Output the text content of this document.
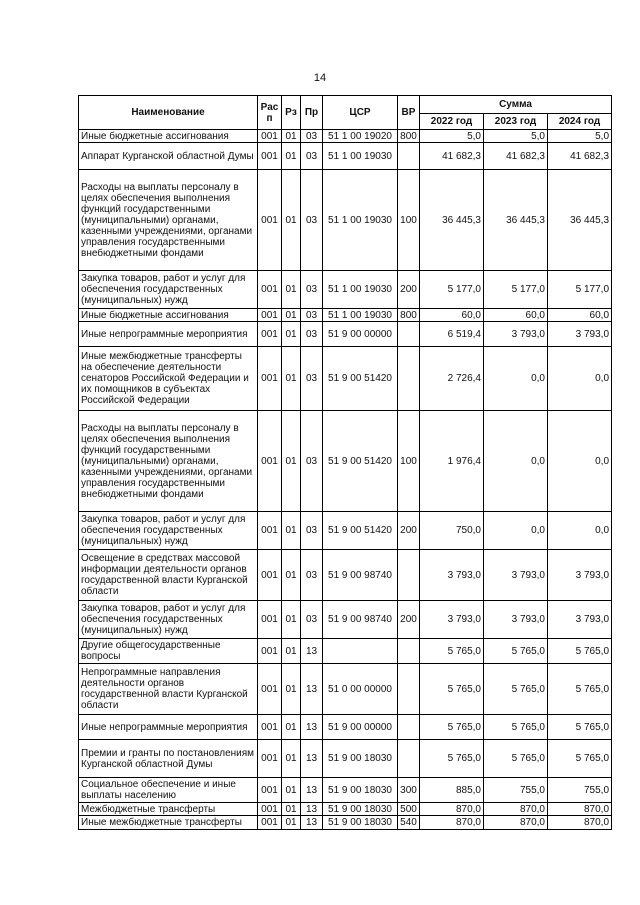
14
Наименование	Рас п	Рз	Пр	ЦСР	ВР	Сумма		
						2022 год	2023 год	2024 год
Иные бюджетные ассигнования	001	01	03	51 1 00 19020	800	5,0	5,0	5,0
Аппарат Курганской областной Думы	001	01	03	51 1 00 19030		41 682,3	41 682,3	41 682,3
Расходы на выплаты персоналу в целях обеспечения выполнения функций государственными (муниципальными) органами, казенными учреждениями, органами управления государственными внебюджетными фондами	001	01	03	51 1 00 19030	100	36 445,3	36 445,3	36 445,3
Закупка товаров, работ и услуг для обеспечения государственных (муниципальных) нужд	001	01	03	51 1 00 19030	200	5 177,0	5 177,0	5 177,0
Иные бюджетные ассигнования	001	01	03	51 1 00 19030	800	60,0	60,0	60,0
Иные непрограммные мероприятия	001	01	03	51 9 00 00000		6 519,4	3 793,0	3 793,0
Иные межбюджетные трансферты на обеспечение деятельности сенаторов Российской Федерации и их помощников в субъектах Российской Федерации	001	01	03	51 9 00 51420		2 726,4	0,0	0,0
Расходы на выплаты персоналу в целях обеспечения выполнения функций государственными (муниципальными) органами, казенными учреждениями, органами управления государственными внебюджетными фондами	001	01	03	51 9 00 51420	100	1 976,4	0,0	0,0
Закупка товаров, работ и услуг для обеспечения государственных (муниципальных) нужд	001	01	03	51 9 00 51420	200	750,0	0,0	0,0
Освещение в средствах массовой информации деятельности органов государственной власти Курганской области	001	01	03	51 9 00 98740		3 793,0	3 793,0	3 793,0
Закупка товаров, работ и услуг для обеспечения государственных (муниципальных) нужд	001	01	03	51 9 00 98740	200	3 793,0	3 793,0	3 793,0
Другие общегосударственные вопросы	001	01	13			5 765,0	5 765,0	5 765,0
Непрограммные направления деятельности органов государственной власти Курганской области	001	01	13	51 0 00 00000		5 765,0	5 765,0	5 765,0
Иные непрограммные мероприятия	001	01	13	51 9 00 00000		5 765,0	5 765,0	5 765,0
Премии и гранты по постановлениям Курганской областной Думы	001	01	13	51 9 00 18030		5 765,0	5 765,0	5 765,0
Социальное обеспечение и иные выплаты населению	001	01	13	51 9 00 18030	300	885,0	755,0	755,0
Межбюджетные трансферты	001	01	13	51 9 00 18030	500	870,0	870,0	870,0
Иные межбюджетные трансферты	001	01	13	51 9 00 18030	540	870,0	870,0	870,0
